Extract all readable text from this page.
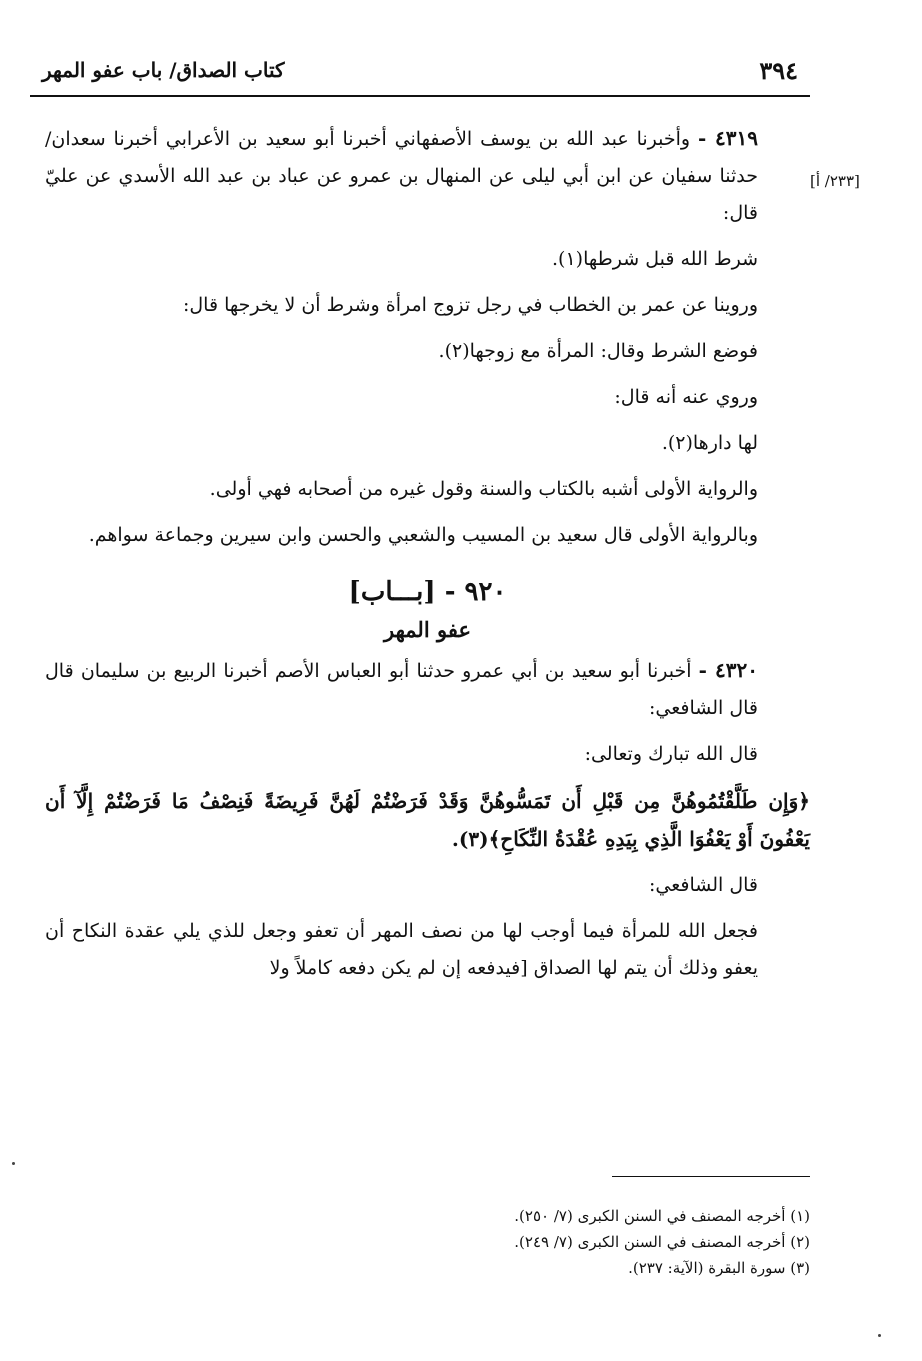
٣٩٤
كتاب الصداق/ باب عفو المهر
[٢٣٣/ أ]

٤٣١٩ - وأخبرنا عبد الله بن يوسف الأصفهاني أخبرنا أبو سعيد بن الأعرابي أخبرنا سعدان/ حدثنا سفيان عن ابن أبي ليلى عن المنهال بن عمرو عن عباد بن عبد الله الأسدي عن عليّ قال:

شرط الله قبل شرطها(١).

وروينا عن عمر بن الخطاب في رجل تزوج امرأة وشرط أن لا يخرجها قال:

فوضع الشرط وقال: المرأة مع زوجها(٢).

وروي عنه أنه قال:

لها دارها(٢).

والرواية الأولى أشبه بالكتاب والسنة وقول غيره من أصحابه فهي أولى.

وبالرواية الأولى قال سعيد بن المسيب والشعبي والحسن وابن سيرين وجماعة سواهم.

٩٢٠ - [بـــاب]
عفو المهر

٤٣٢٠ - أخبرنا أبو سعيد بن أبي عمرو حدثنا أبو العباس الأصم أخبرنا الربيع بن سليمان قال قال الشافعي:

قال الله تبارك وتعالى:

﴿وَإِن طَلَّقْتُمُوهُنَّ مِن قَبْلِ أَن تَمَسُّوهُنَّ وَقَدْ فَرَضْتُمْ لَهُنَّ فَرِيضَةً فَنِصْفُ مَا فَرَضْتُمْ إِلَّآ أَن يَعْفُونَ أَوْ يَعْفُوَا الَّذِي بِيَدِهِ عُقْدَةُ النِّكَاحِ﴾(٣).

قال الشافعي:

فجعل الله للمرأة فيما أوجب لها من نصف المهر أن تعفو وجعل للذي يلي عقدة النكاح أن يعفو وذلك أن يتم لها الصداق [فيدفعه إن لم يكن دفعه كاملاً ولا

(١) أخرجه المصنف في السنن الكبرى (٧/ ٢٥٠).

(٢) أخرجه المصنف في السنن الكبرى (٧/ ٢٤٩).

(٣) سورة البقرة (الآية: ٢٣٧).
